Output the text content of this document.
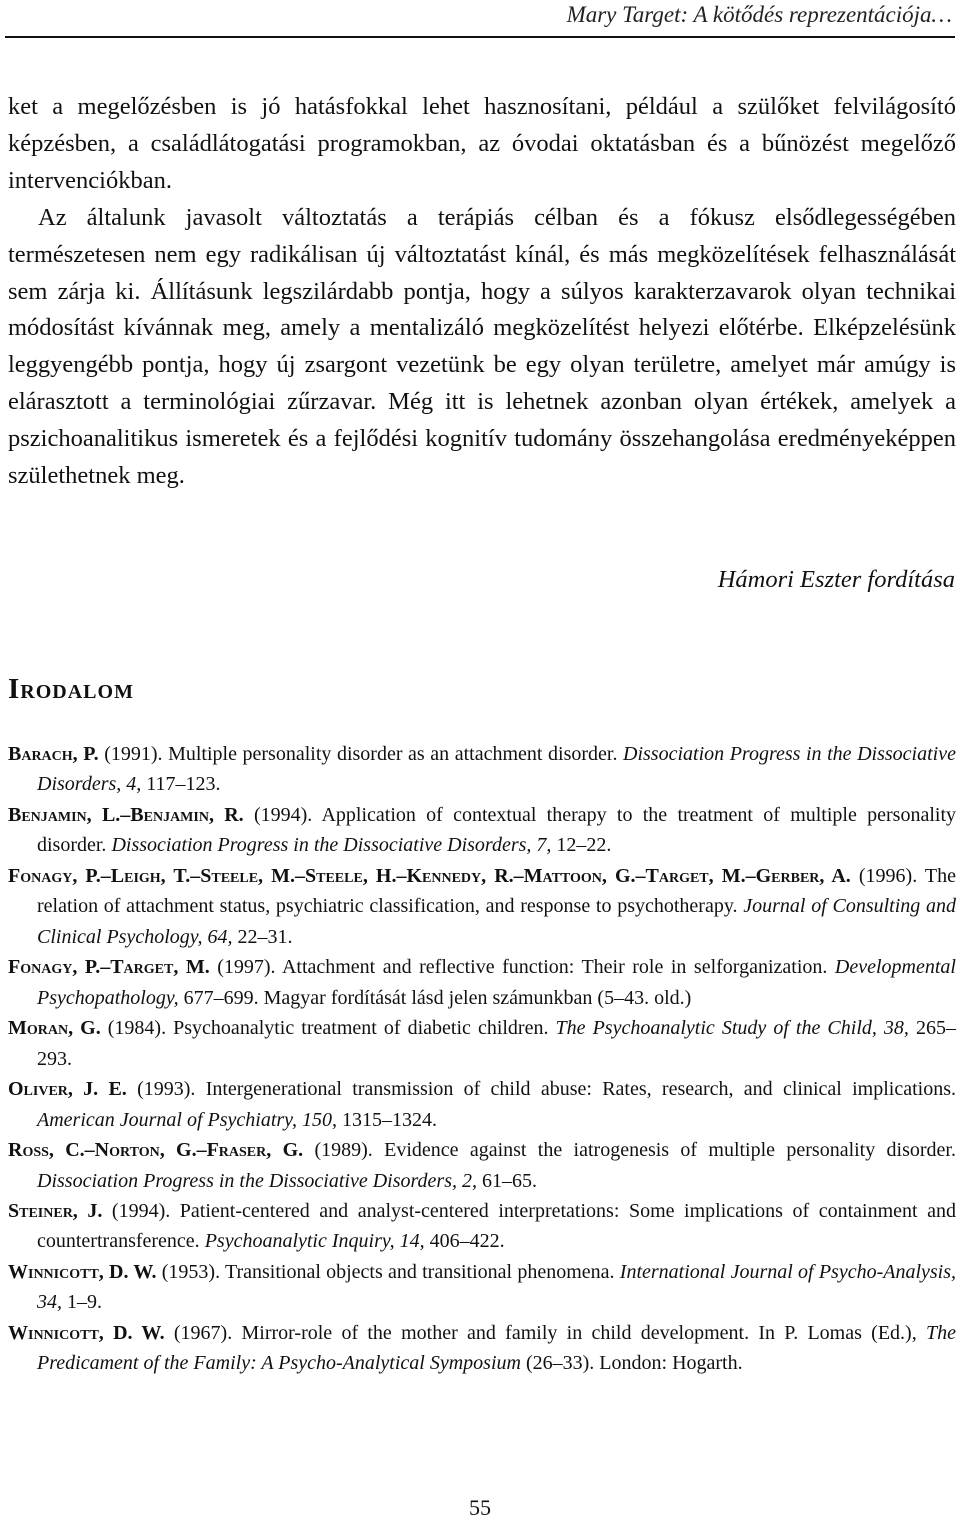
Mary Target: A kötődés reprezentációja…

ket a megelőzésben is jó hatásfokkal lehet hasznosítani, például a szülőket felvilágosító képzésben, a családlátogatási programokban, az óvodai oktatásban és a bűnözést megelőző intervenciókban.

Az általunk javasolt változtatás a terápiás célban és a fókusz elsődlegességében természetesen nem egy radikálisan új változtatást kínál, és más megközelítések felhasználását sem zárja ki. Állításunk legszilárdabb pontja, hogy a súlyos karakterzavarok olyan technikai módosítást kívánnak meg, amely a mentalizáló megközelítést helyezi előtérbe. Elképzelésünk leggyengébb pontja, hogy új zsargont vezetünk be egy olyan területre, amelyet már amúgy is elárasztott a terminológiai zűrzavar. Még itt is lehetnek azonban olyan értékek, amelyek a pszichoanalitikus ismeretek és a fejlődési kognitív tudomány összehangolása eredményeképpen születhetnek meg.

Hámori Eszter fordítása
Irodalom

Barach, P. (1991). Multiple personality disorder as an attachment disorder. Dissociation Progress in the Dissociative Disorders, 4, 117–123.

Benjamin, L.–Benjamin, R. (1994). Application of contextual therapy to the treatment of multiple personality disorder. Dissociation Progress in the Dissociative Disorders, 7, 12–22.

Fonagy, P.–Leigh, T.–Steele, M.–Steele, H.–Kennedy, R.–Mattoon, G.–Target, M.–Gerber, A. (1996). The relation of attachment status, psychiatric classification, and response to psychotherapy. Journal of Consulting and Clinical Psychology, 64, 22–31.

Fonagy, P.–Target, M. (1997). Attachment and reflective function: Their role in selforganization. Developmental Psychopathology, 677–699. Magyar fordítását lásd jelen számunkban (5–43. old.)

Moran, G. (1984). Psychoanalytic treatment of diabetic children. The Psychoanalytic Study of the Child, 38, 265–293.

Oliver, J. E. (1993). Intergenerational transmission of child abuse: Rates, research, and clinical implications. American Journal of Psychiatry, 150, 1315–1324.

Ross, C.–Norton, G.–Fraser, G. (1989). Evidence against the iatrogenesis of multiple personality disorder. Dissociation Progress in the Dissociative Disorders, 2, 61–65.

Steiner, J. (1994). Patient-centered and analyst-centered interpretations: Some implications of containment and countertransference. Psychoanalytic Inquiry, 14, 406–422.

Winnicott, D. W. (1953). Transitional objects and transitional phenomena. International Journal of Psycho-Analysis, 34, 1–9.

Winnicott, D. W. (1967). Mirror-role of the mother and family in child development. In P. Lomas (Ed.), The Predicament of the Family: A Psycho-Analytical Symposium (26–33). London: Hogarth.

55
